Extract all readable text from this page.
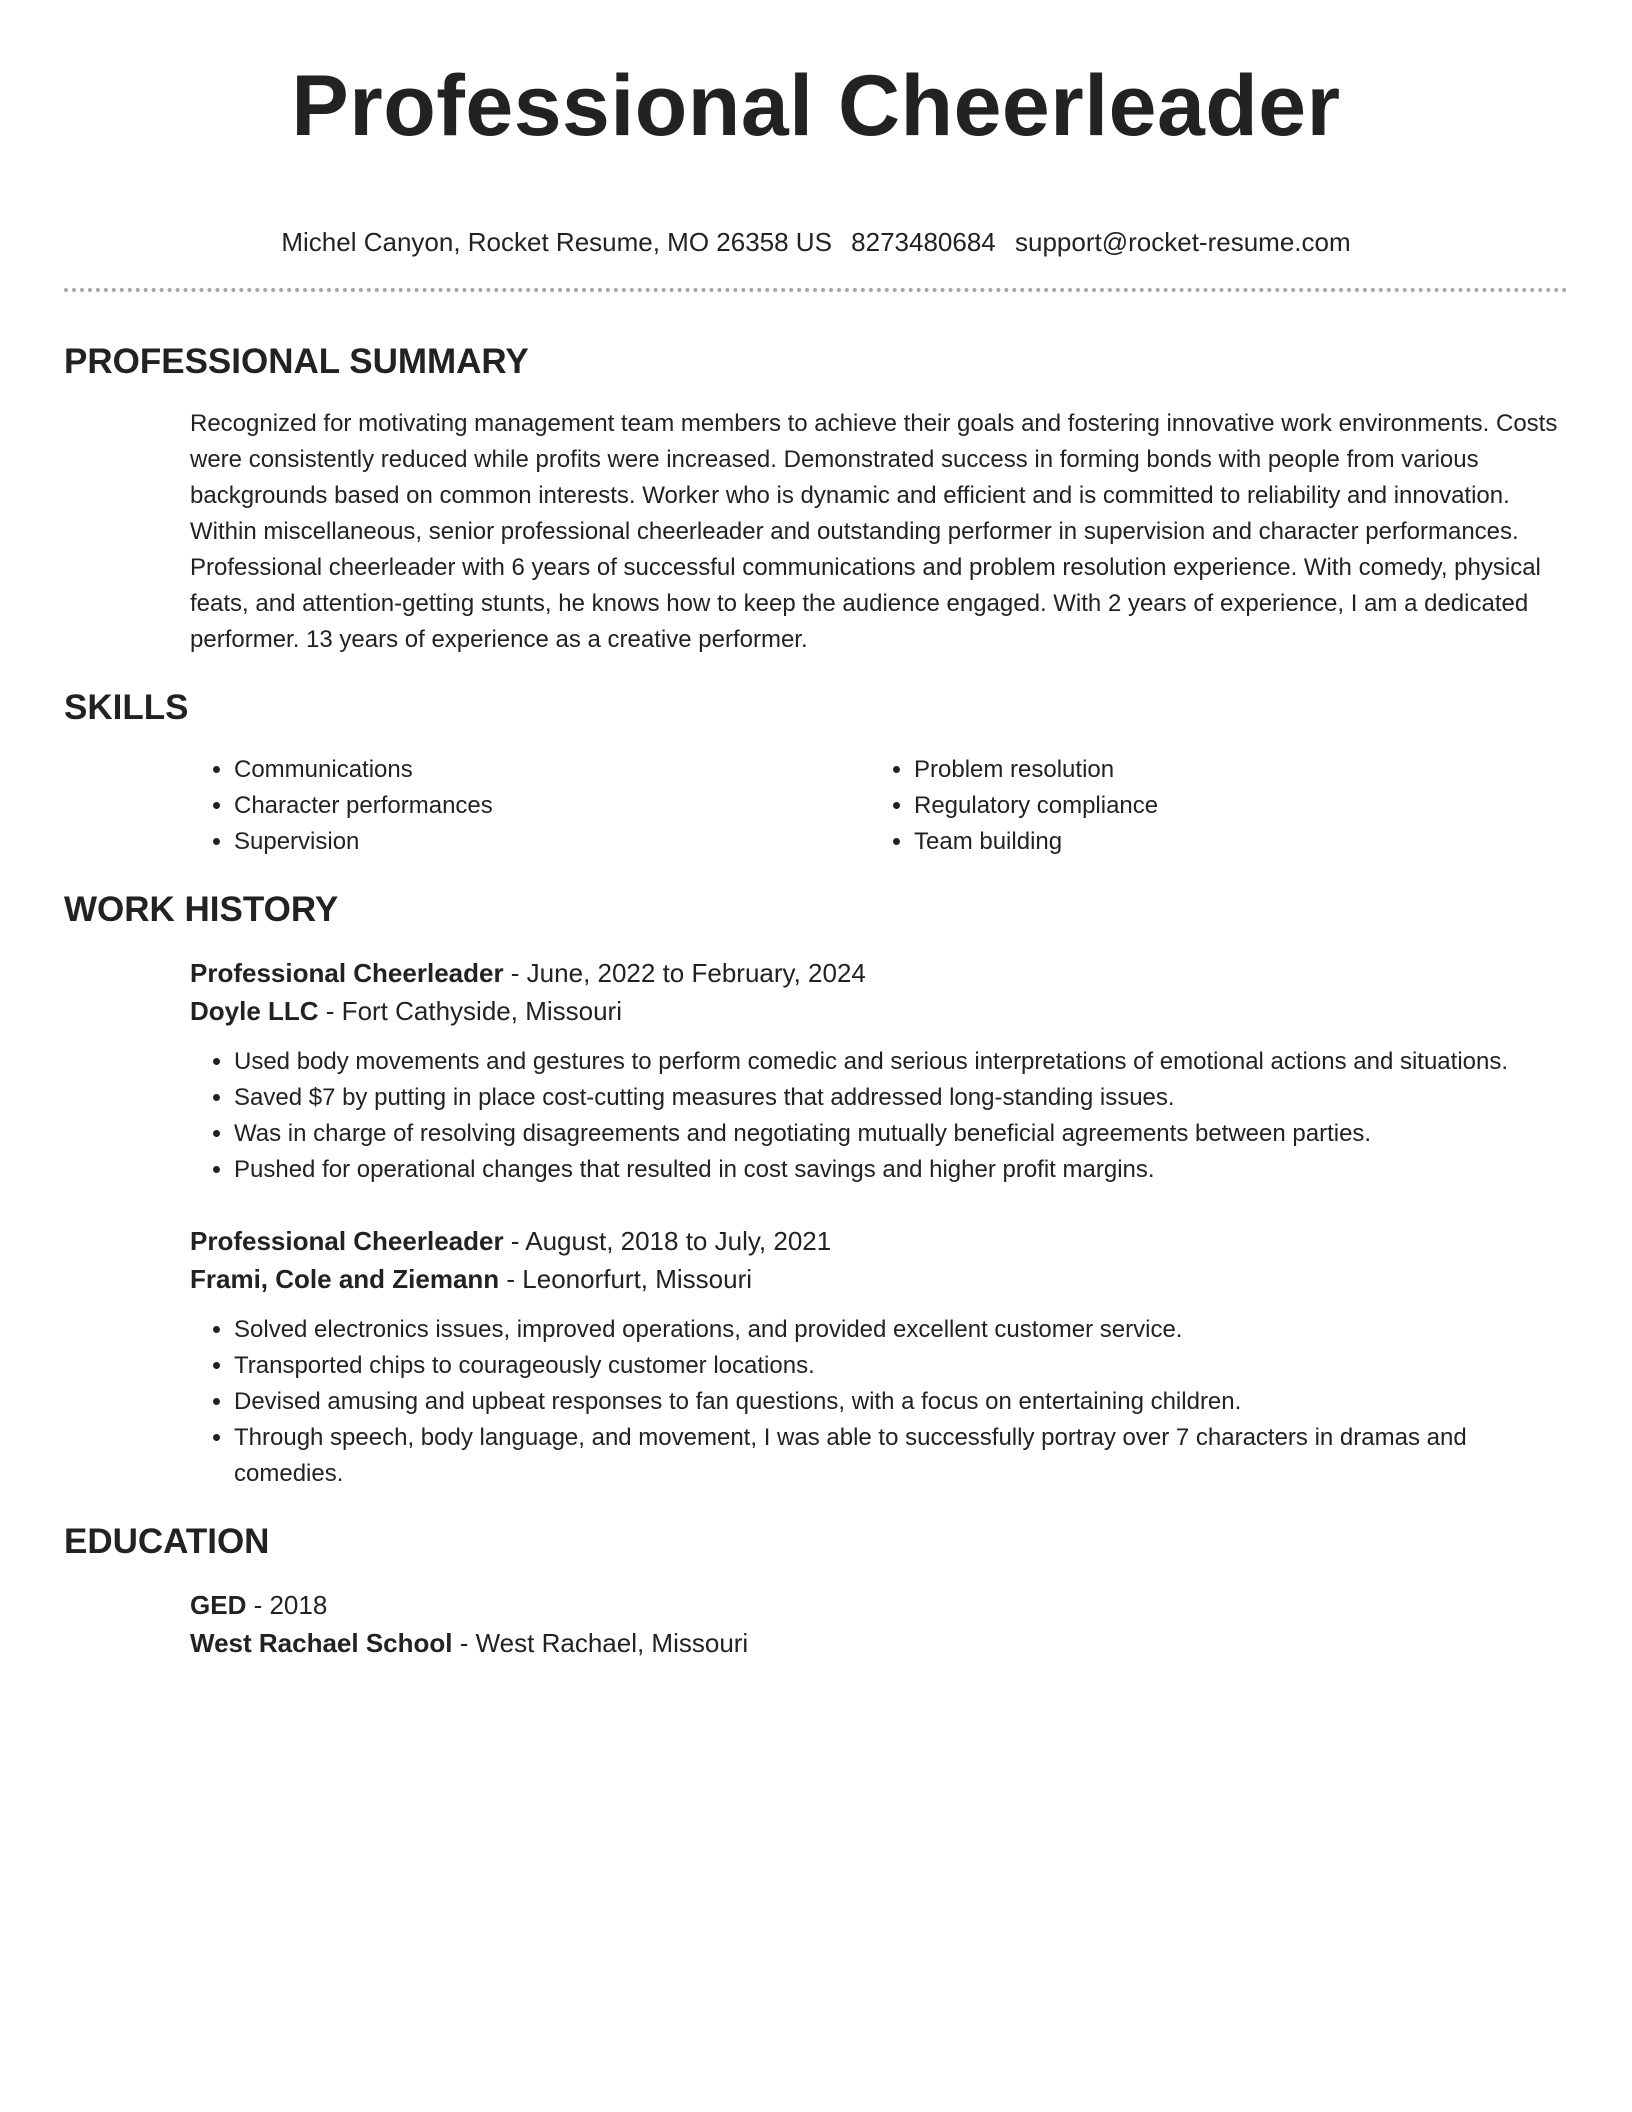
Professional Cheerleader
Michel Canyon, Rocket Resume, MO 26358 US 8273480684 support@rocket-resume.com
PROFESSIONAL SUMMARY
Recognized for motivating management team members to achieve their goals and fostering innovative work environments. Costs were consistently reduced while profits were increased. Demonstrated success in forming bonds with people from various backgrounds based on common interests. Worker who is dynamic and efficient and is committed to reliability and innovation. Within miscellaneous, senior professional cheerleader and outstanding performer in supervision and character performances. Professional cheerleader with 6 years of successful communications and problem resolution experience. With comedy, physical feats, and attention-getting stunts, he knows how to keep the audience engaged. With 2 years of experience, I am a dedicated performer. 13 years of experience as a creative performer.
SKILLS
• Communications
• Character performances
• Supervision
• Problem resolution
• Regulatory compliance
• Team building
WORK HISTORY
Professional Cheerleader - June, 2022 to February, 2024
Doyle LLC - Fort Cathyside, Missouri
• Used body movements and gestures to perform comedic and serious interpretations of emotional actions and situations.
• Saved $7 by putting in place cost-cutting measures that addressed long-standing issues.
• Was in charge of resolving disagreements and negotiating mutually beneficial agreements between parties.
• Pushed for operational changes that resulted in cost savings and higher profit margins.
Professional Cheerleader - August, 2018 to July, 2021
Frami, Cole and Ziemann - Leonorfurt, Missouri
• Solved electronics issues, improved operations, and provided excellent customer service.
• Transported chips to courageously customer locations.
• Devised amusing and upbeat responses to fan questions, with a focus on entertaining children.
• Through speech, body language, and movement, I was able to successfully portray over 7 characters in dramas and comedies.
EDUCATION
GED - 2018
West Rachael School - West Rachael, Missouri
